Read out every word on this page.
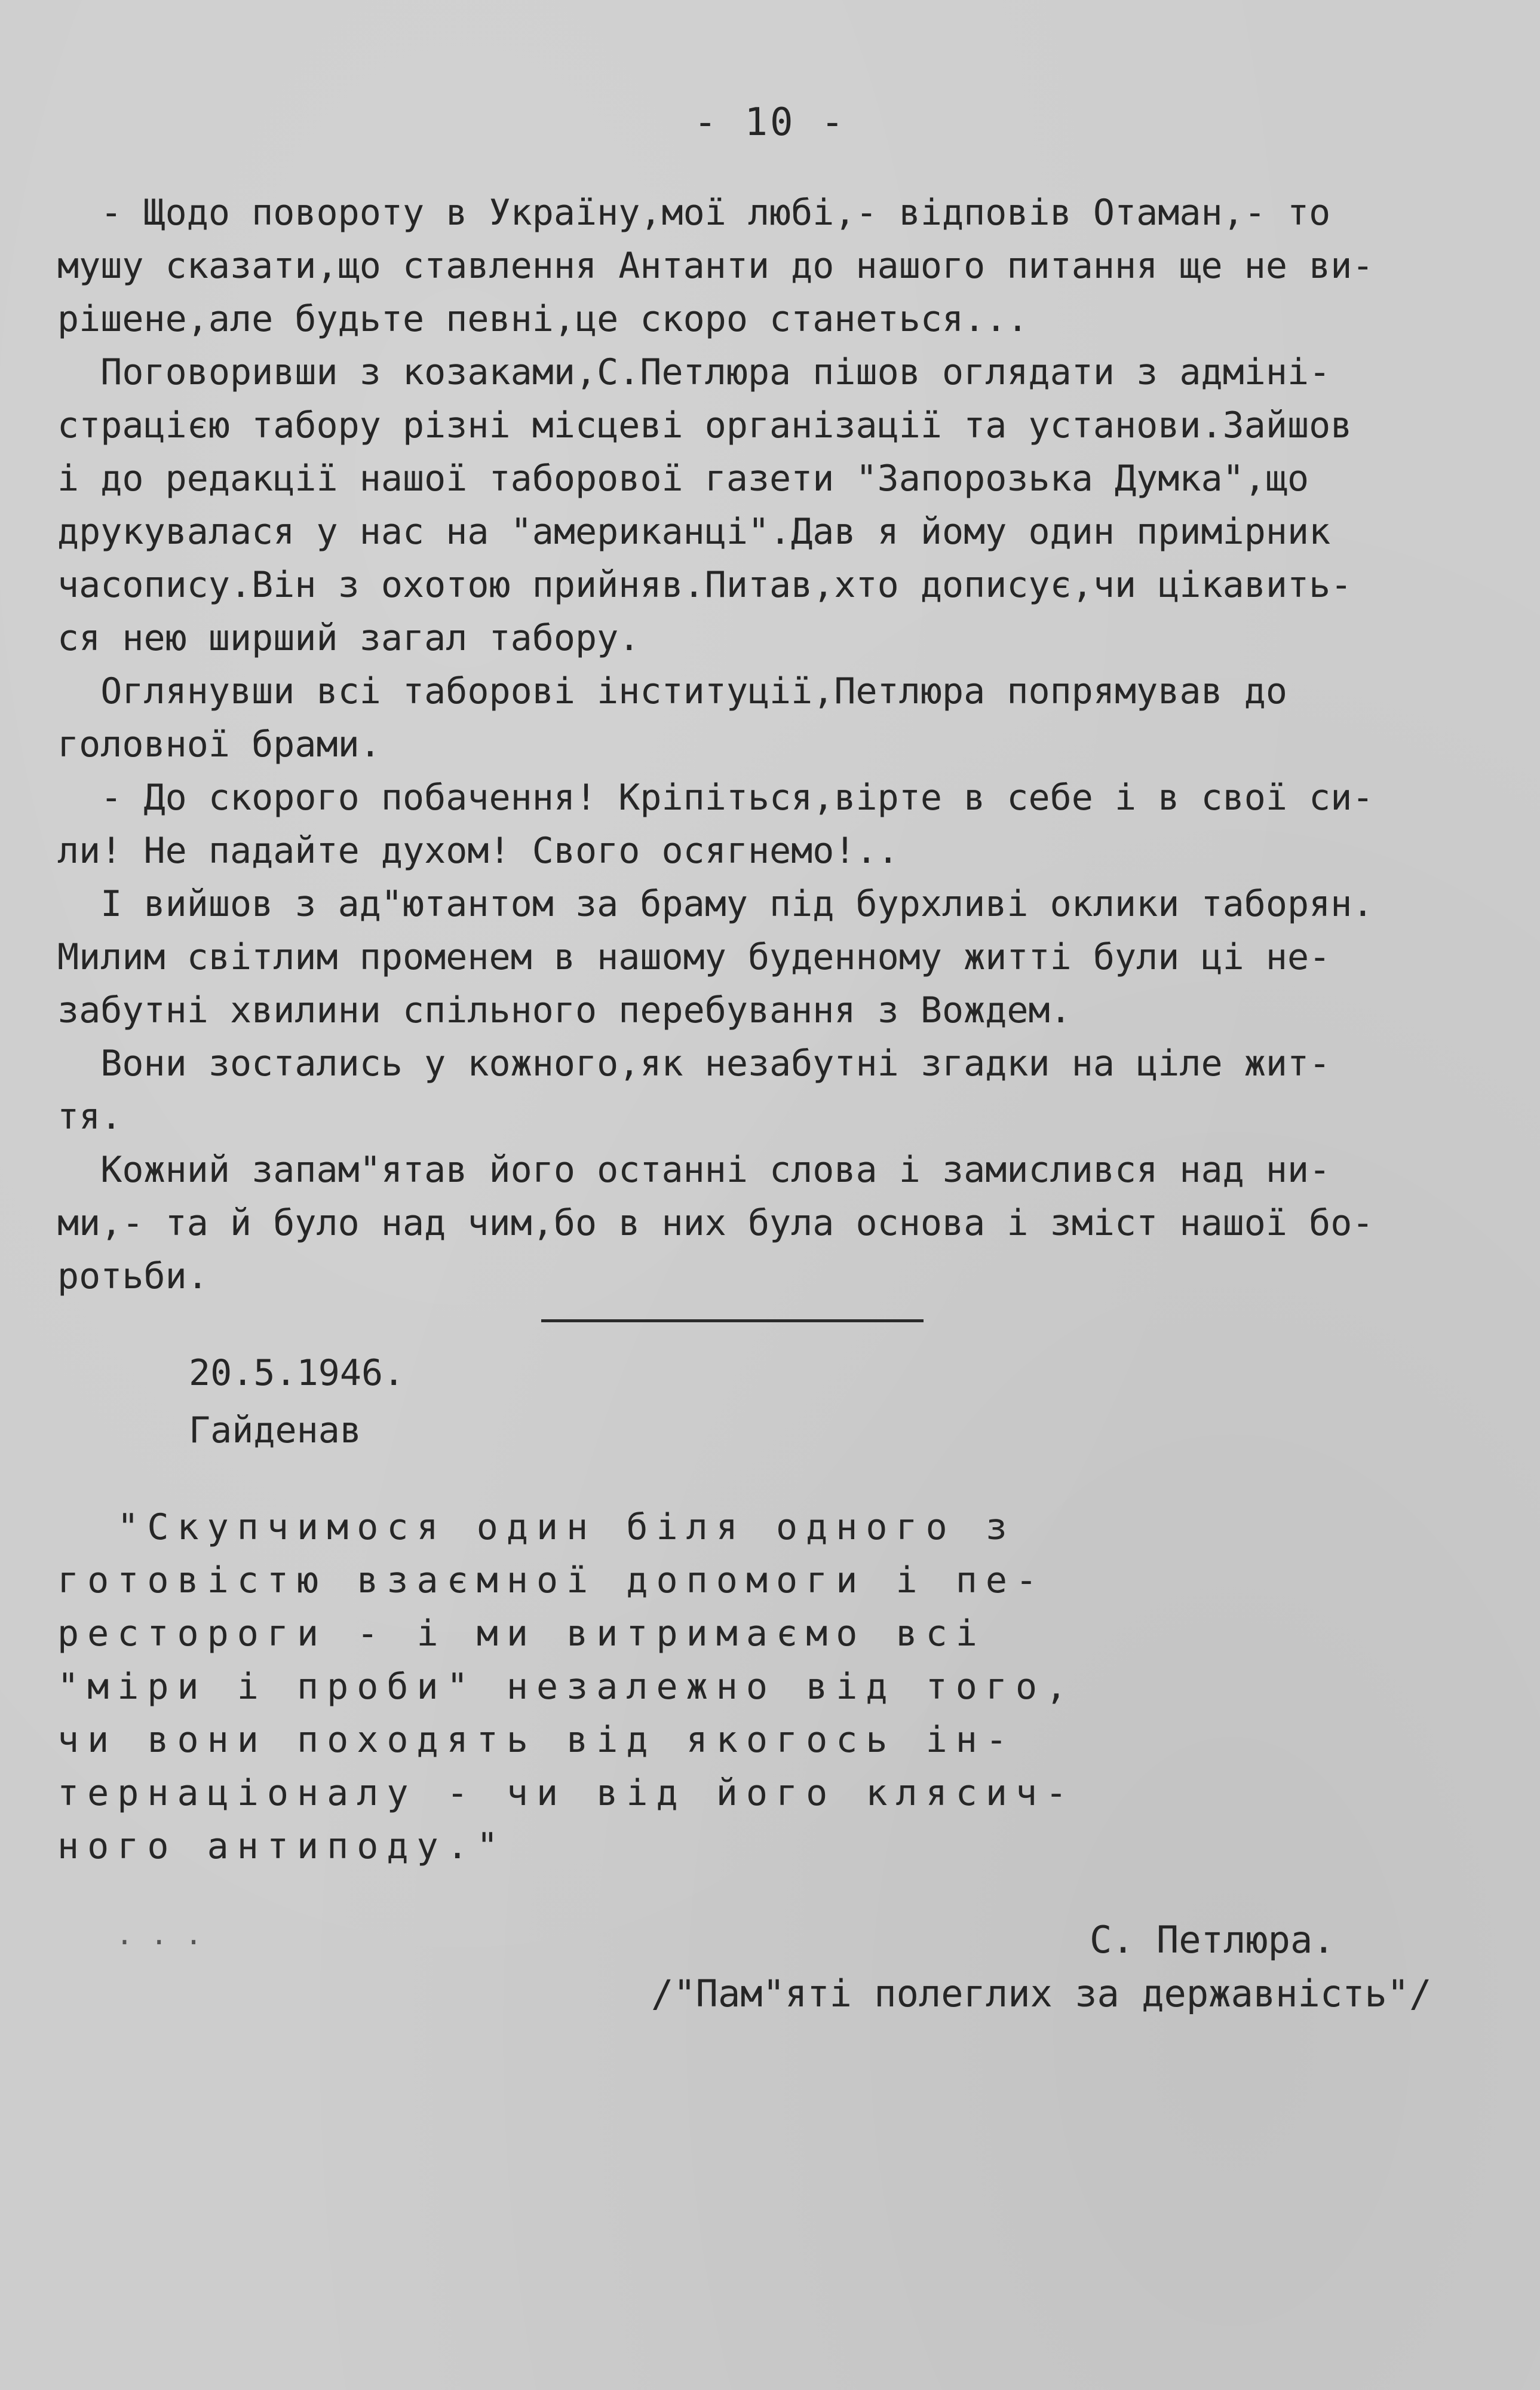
- 10 -
- Щодо повороту в Україну,мої любі,- відповів Отаман,- то
мушу сказати,що ставлення Антанти до нашого питання ще не ви-
рішене,але будьте певні,це скоро станеться...
Поговоривши з козаками,С.Петлюра пішов оглядати з адміні-
страцією табору різні місцеві організації та установи.Зайшов
і до редакції нашої таборової газети "Запорозька Думка",що
друкувалася у нас на "американці".Дав я йому один примірник
часопису.Він з охотою прийняв.Питав,хто дописує,чи цікавить-
ся нею ширший загал табору.
Оглянувши всі таборові інституції,Петлюра попрямував до
головної брами.
- До скорого побачення! Кріпіться,вірте в себе і в свої си-
ли! Не падайте духом! Свого осягнемо!..
І вийшов з ад"ютантом за браму під бурхливі оклики таборян.
Милим світлим променем в нашому буденному житті були ці не-
забутні хвилини спільного перебування з Вождем.
Вони зостались у кожного,як незабутні згадки на ціле жит-
тя.
Кожний запам"ятав його останні слова і замислився над ни-
ми,- та й було над чим,бо в них була основа і зміст нашої бо-
ротьби.
20.5.1946.
Гайденав
. . .
"Скупчимося один біля одного з
готовістю взаємної допомоги і пе-
рестороги - і ми витримаємо всі
"міри і проби" незалежно від того,
чи вони походять від якогось ін-
тернаціоналу - чи від його клясич-
ного антиподу."
С. Петлюра.
/"Пам"яті полеглих за державність"/
